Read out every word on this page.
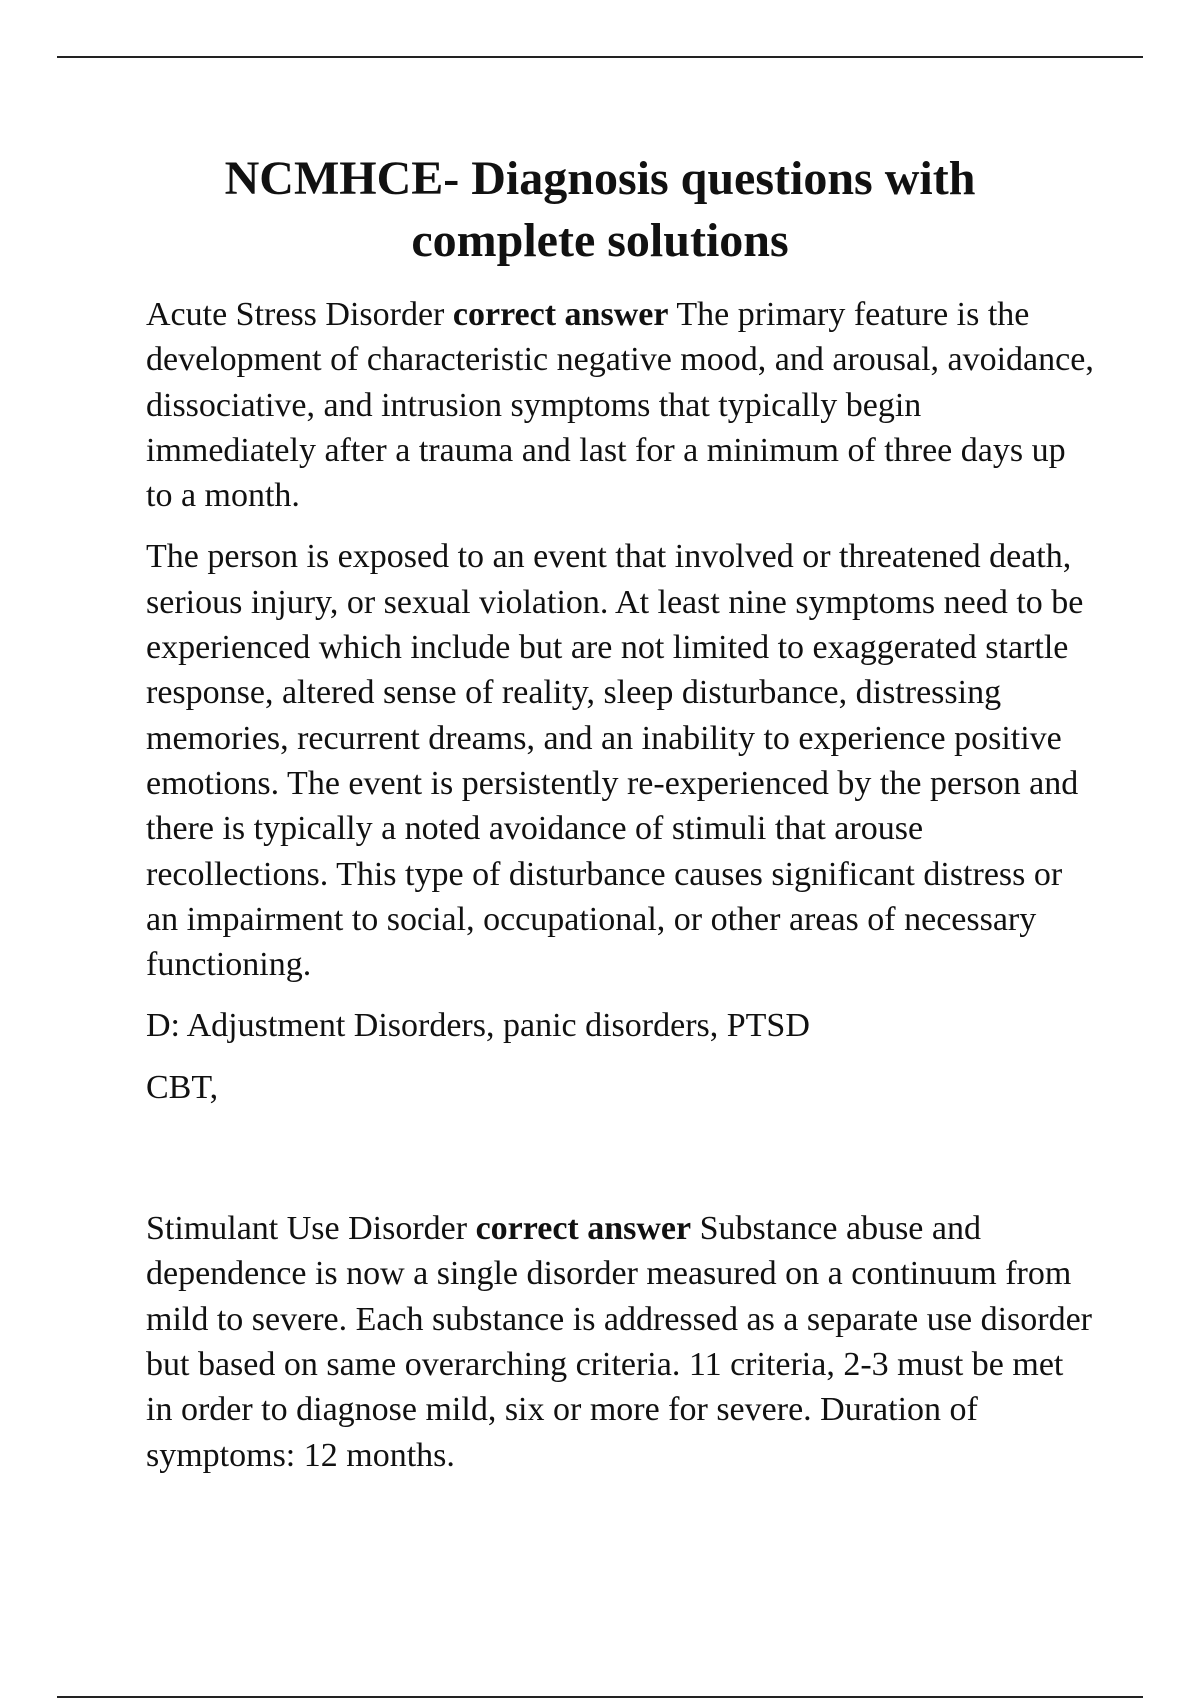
NCMHCE- Diagnosis questions with complete solutions

Acute Stress Disorder correct answer The primary feature is the development of characteristic negative mood, and arousal, avoidance, dissociative, and intrusion symptoms that typically begin immediately after a trauma and last for a minimum of three days up to a month.

The person is exposed to an event that involved or threatened death, serious injury, or sexual violation. At least nine symptoms need to be experienced which include but are not limited to exaggerated startle response, altered sense of reality, sleep disturbance, distressing memories, recurrent dreams, and an inability to experience positive emotions. The event is persistently re-experienced by the person and there is typically a noted avoidance of stimuli that arouse recollections. This type of disturbance causes significant distress or an impairment to social, occupational, or other areas of necessary functioning.

D: Adjustment Disorders, panic disorders, PTSD

CBT,

Stimulant Use Disorder correct answer Substance abuse and dependence is now a single disorder measured on a continuum from mild to severe. Each substance is addressed as a separate use disorder but based on same overarching criteria. 11 criteria, 2-3 must be met in order to diagnose mild, six or more for severe. Duration of symptoms: 12 months.
